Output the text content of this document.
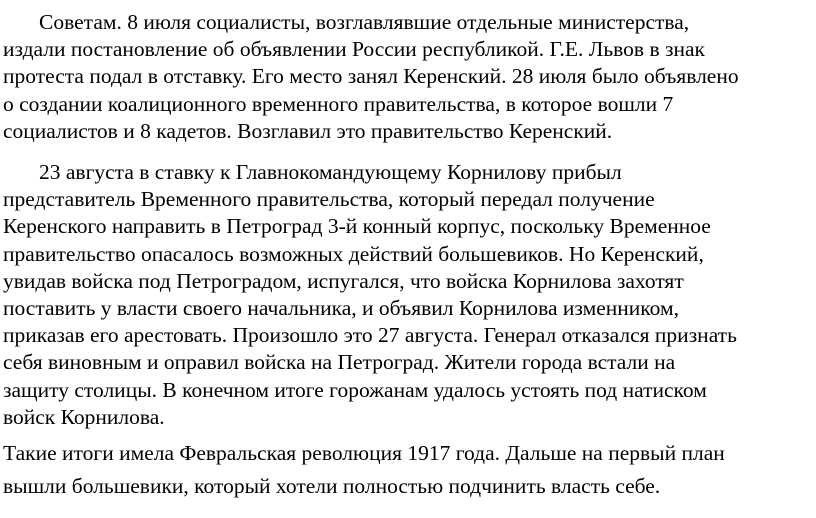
Советам. 8 июля социалисты, возглавлявшие отдельные министерства,
издали постановление об объявлении России республикой. Г.Е. Львов в знак
протеста подал в отставку. Его место занял Керенский. 28 июля было объявлено
о создании коалиционного временного правительства, в которое вошли 7
социалистов и 8 кадетов. Возглавил это правительство Керенский.
23 августа в ставку к Главнокомандующему Корнилову прибыл
представитель Временного правительства, который передал получение
Керенского направить в Петроград 3-й конный корпус, поскольку Временное
правительство опасалось возможных действий большевиков. Но Керенский,
увидав войска под Петроградом, испугался, что войска Корнилова захотят
поставить у власти своего начальника, и объявил Корнилова изменником,
приказав его арестовать. Произошло это 27 августа. Генерал отказался признать
себя виновным и оправил войска на Петроград. Жители города встали на
защиту столицы. В конечном итоге горожанам удалось устоять под натиском
войск Корнилова.
Такие итоги имела Февральская революция 1917 года. Дальше на первый план
вышли большевики, который хотели полностью подчинить власть себе.
